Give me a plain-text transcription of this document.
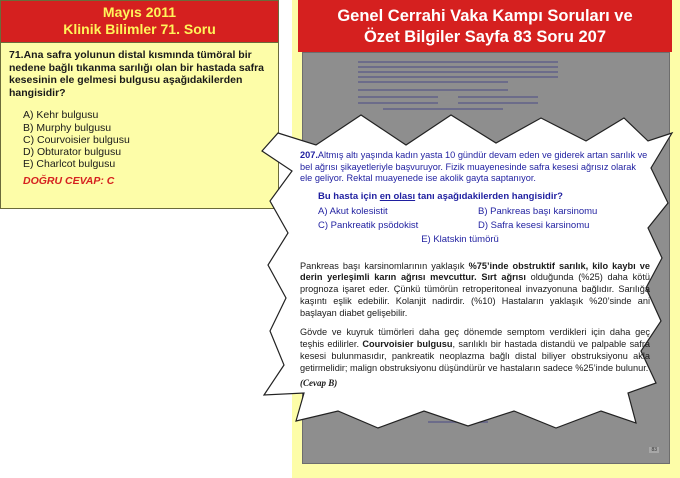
Mayıs 2011
Klinik Bilimler 71. Soru
71.Ana safra yolunun distal kısmında tümöral bir nedene bağlı tıkanma sarılığı olan bir hastada safra kesesinin ele gelmesi bulgusu aşağıdakilerden hangisidir?
A) Kehr bulgusu
B) Murphy bulgusu
C) Courvoisier bulgusu
D) Obturator bulgusu
E) Charlcot bulgusu
DOĞRU CEVAP: C
Genel Cerrahi Vaka Kampı Soruları ve
Özet Bilgiler Sayfa 83 Soru 207
83
207.Altmış altı yaşında kadın yasta 10 gündür devam eden ve giderek artan sarılık ve bel ağrısı şikayetleriyle başvuruyor. Fizik muayenesinde safra kesesi ağrısız olarak ele geliyor. Rektal muayenede ise akolik gayta saptanıyor.
Bu hasta için en olası tanı aşağıdakilerden hangisidir?
A) Akut kolesistit	B) Pankreas başı karsinomu
C) Pankreatik psödokist	D) Safra kesesi karsinomu
E) Klatskin tümörü
Pankreas başı karsinomlarının yaklaşık %75’inde obstruktif sarılık, kilo kaybı ve derin yerleşimli karın ağrısı mevcuttur. Sırt ağrısı olduğunda (%25) daha kötü prognoza işaret eder. Çünkü tümörün retroperitoneal invazyonuna bağlıdır. Sarılığa kaşıntı eşlik edebilir. Kolanjit nadirdir. (%10) Hastaların yaklaşık %20’sinde ani başlayan diabet gelişebilir.
Gövde ve kuyruk tümörleri daha geç dönemde semptom verdikleri için daha geç teşhis edilirler. Courvoisier bulgusu, sarılıklı bir hastada distandü ve palpable safra kesesi bulunmasıdır, pankreatik neoplazma bağlı distal biliyer obstruksiyonu akla getirmelidir; malign obstruksiyonu düşündürür ve hastaların sadece %25’inde bulunur.
(Cevap B)
